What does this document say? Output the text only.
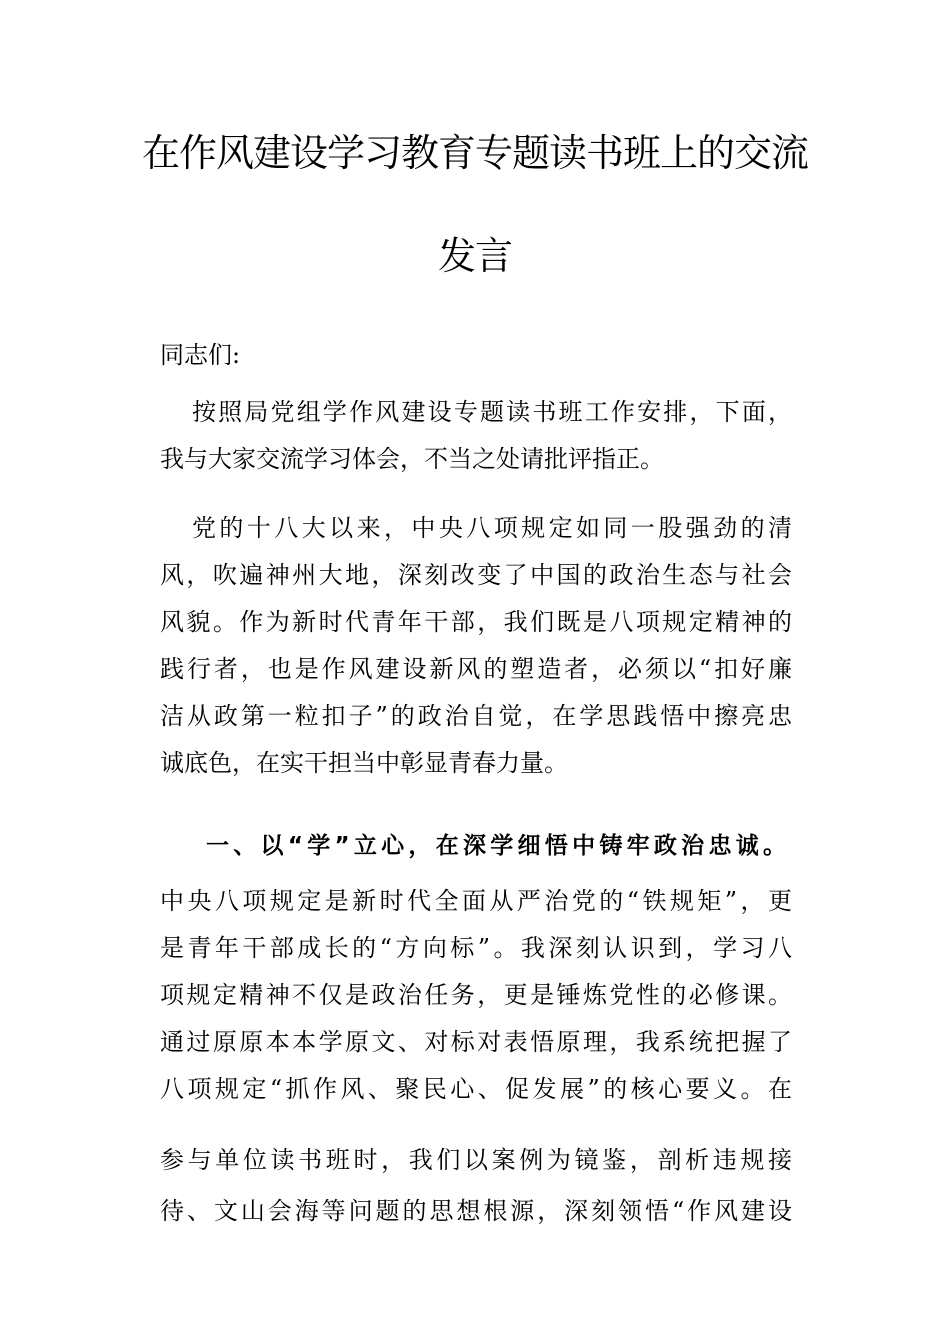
在作风建设学习教育专题读书班上的交流
发言

同志们:

按照局党组学作风建设专题读书班工作安排，下面，

我与大家交流学习体会，不当之处请批评指正。

党的十八大以来，中央八项规定如同一股强劲的清

风，吹遍神州大地，深刻改变了中国的政治生态与社会

风貌。作为新时代青年干部，我们既是八项规定精神的

践行者，也是作风建设新风的塑造者，必须以“扣好廉

洁从政第一粒扣子”的政治自觉，在学思践悟中擦亮忠

诚底色，在实干担当中彰显青春力量。

一、以“学”立心，在深学细悟中铸牢政治忠诚。

中央八项规定是新时代全面从严治党的“铁规矩”，更

是青年干部成长的“方向标”。我深刻认识到，学习八

项规定精神不仅是政治任务，更是锤炼党性的必修课。

通过原原本本学原文、对标对表悟原理，我系统把握了

八项规定“抓作风、聚民心、促发展”的核心要义。在

参与单位读书班时，我们以案例为镜鉴，剖析违规接

待、文山会海等问题的思想根源，深刻领悟“作风建设
